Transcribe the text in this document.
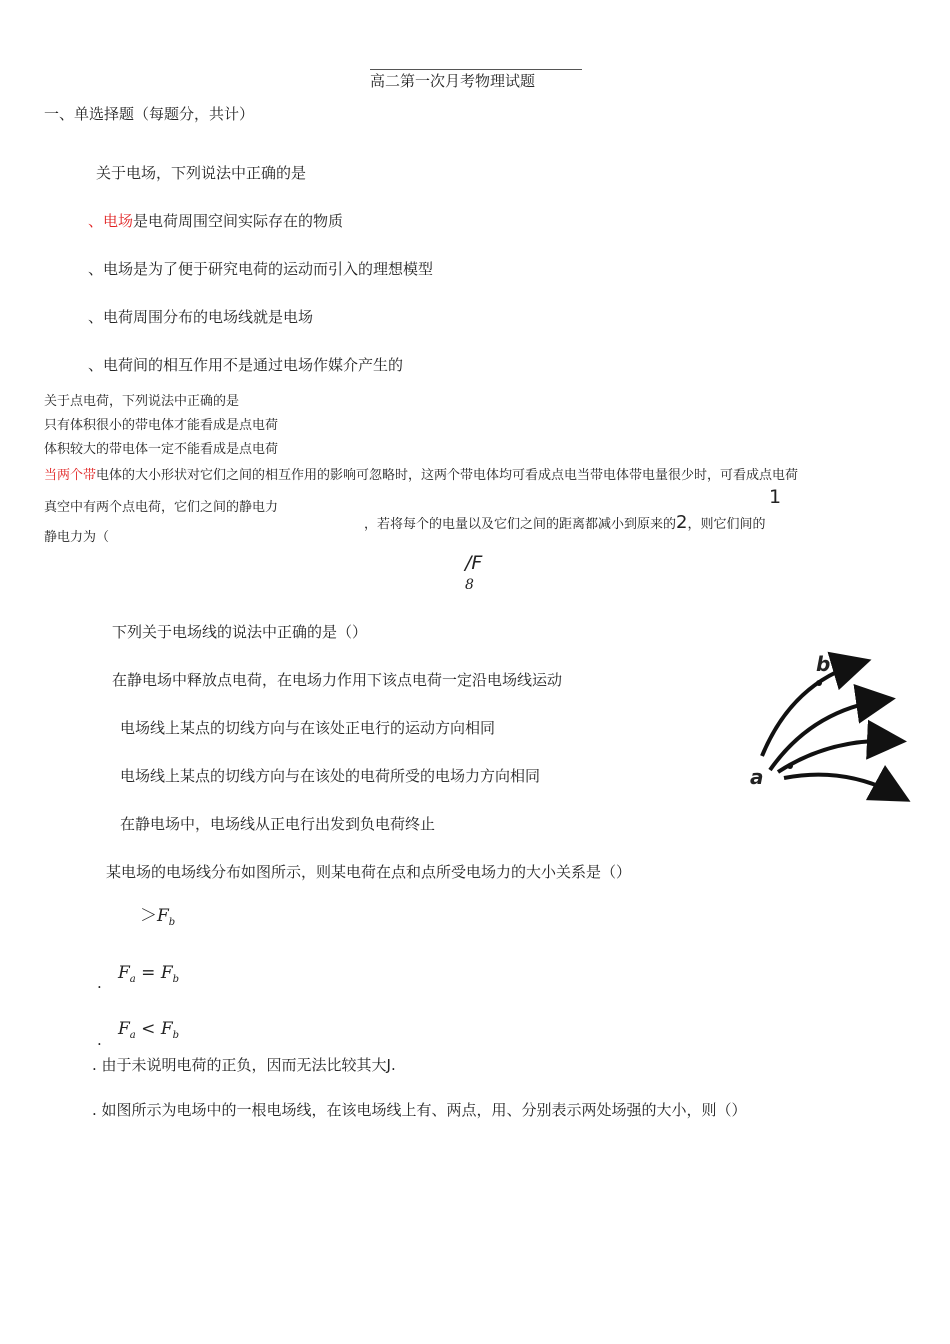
高二第一次月考物理试题
一、单选择题（每题分，共计）
关于电场，下列说法中正确的是
、电场是电荷周围空间实际存在的物质
、电场是为了便于研究电荷的运动而引入的理想模型
、电荷周围分布的电场线就是电场
、电荷间的相互作用不是通过电场作媒介产生的
关于点电荷，下列说法中正确的是
只有体积很小的带电体才能看成是点电荷
体积较大的带电体一定不能看成是点电荷
当两个带电体的大小形状对它们之间的相互作用的影响可忽略时，这两个带电体均可看成点电当带电体带电量很少时，可看成点电荷
真空中有两个点电荷，它们之间的静电力	1
，若将每个的电量以及它们之间的距离都减小到原来的2，则它们间的
静电力为（
/F
8
下列关于电场线的说法中正确的是（）
在静电场中释放点电荷，在电场力作用下该点电荷一定沿电场线运动
电场线上某点的切线方向与在该处正电行的运动方向相同
电场线上某点的切线方向与在该处的电荷所受的电场力方向相同
在静电场中，电场线从正电行出发到负电荷终止
b
a
某电场的电场线分布如图所示，则某电荷在点和点所受电场力的大小关系是（）
$>F_b$
. $F_a = F_b$
.
$F_a < F_b$
. 由于未说明电荷的正负，因而无法比较其大J.
. 如图所示为电场中的一根电场线，在该电场线上有、两点，用、分别表示两处场强的大小，则（）
